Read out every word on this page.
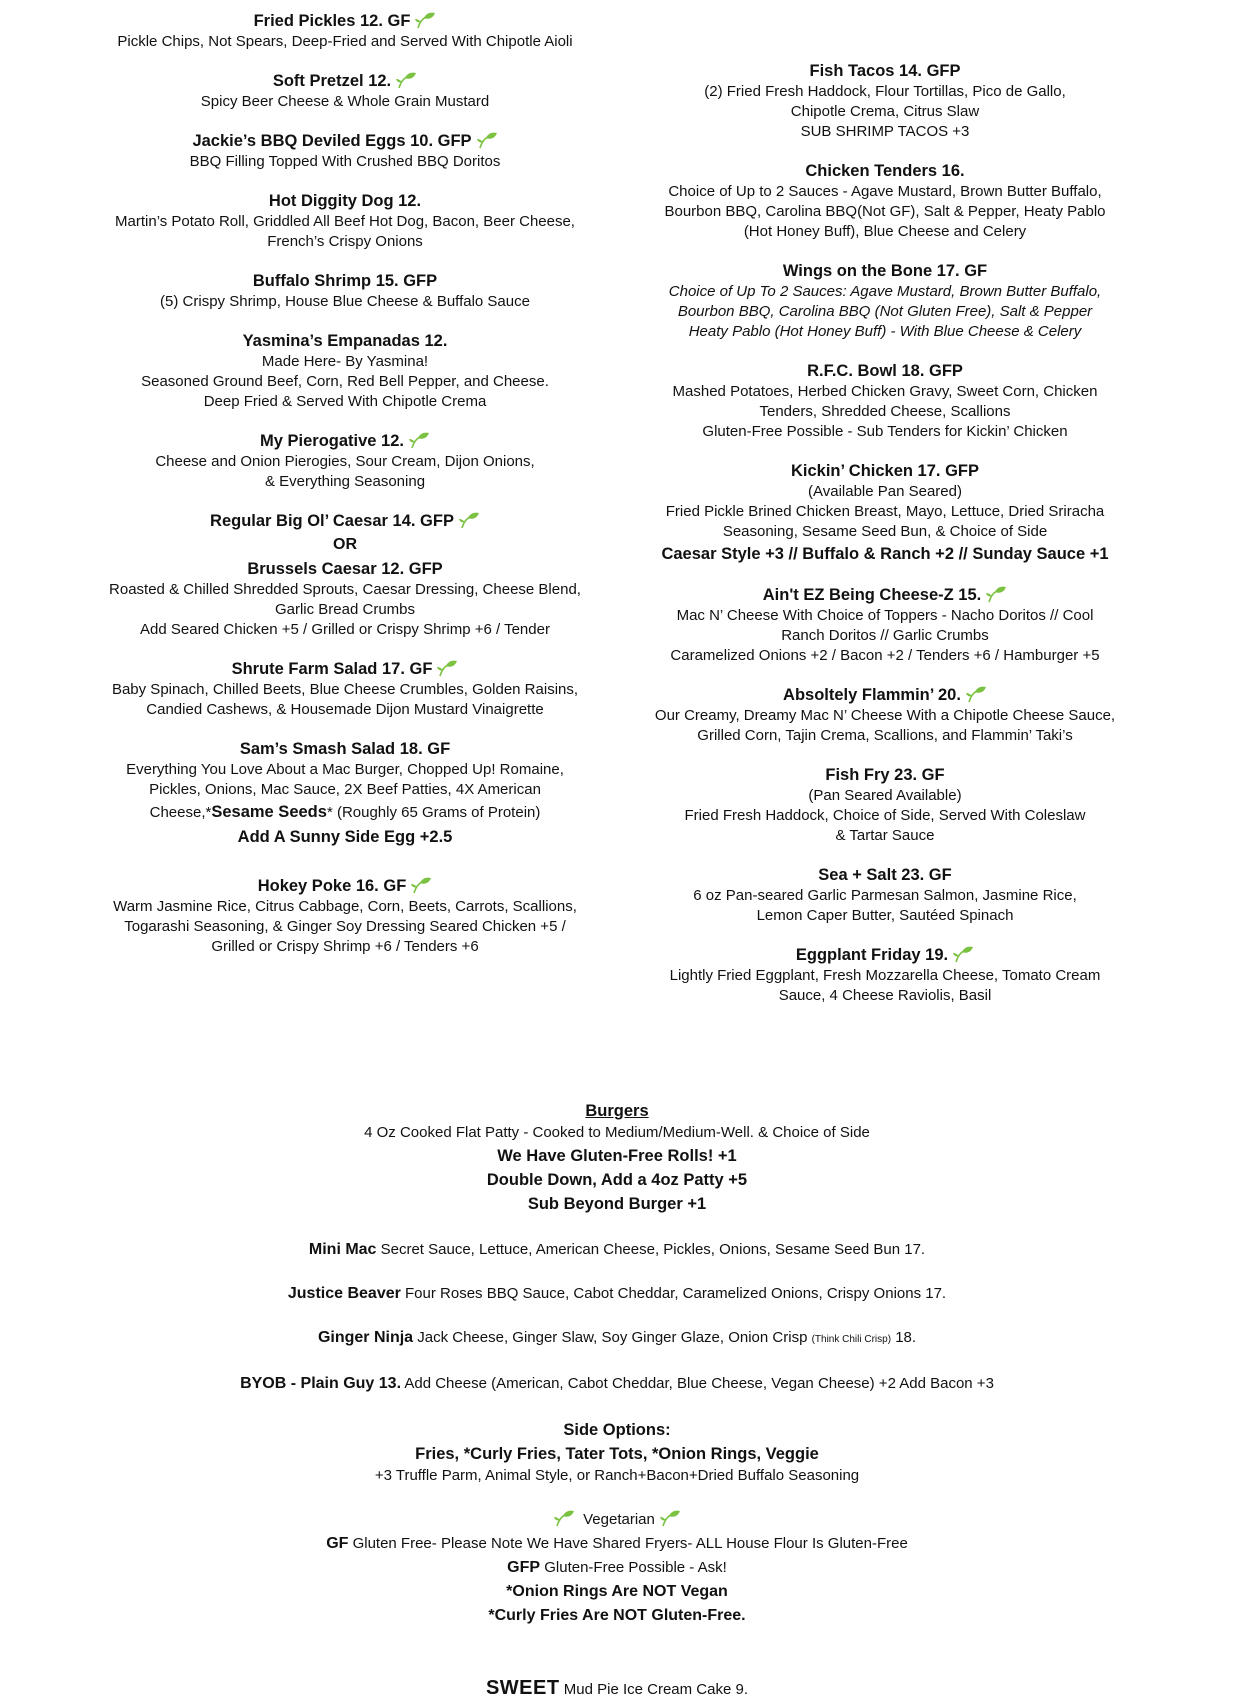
Fried Pickles 12. GF
Pickle Chips, Not Spears, Deep-Fried and Served With Chipotle Aioli
Soft Pretzel 12.
Spicy Beer Cheese & Whole Grain Mustard
Jackie’s BBQ Deviled Eggs 10. GFP
BBQ Filling Topped With Crushed BBQ Doritos
Hot Diggity Dog 12.
Martin’s Potato Roll, Griddled All Beef Hot Dog, Bacon, Beer Cheese,
French’s Crispy Onions
Buffalo Shrimp 15. GFP
(5) Crispy Shrimp, House Blue Cheese & Buffalo Sauce
Yasmina’s Empanadas 12.
Made Here- By Yasmina!
Seasoned Ground Beef, Corn, Red Bell Pepper, and Cheese.
Deep Fried & Served With Chipotle Crema
My Pierogative 12.
Cheese and Onion Pierogies, Sour Cream, Dijon Onions,
& Everything Seasoning
Regular Big Ol’ Caesar 14. GFP
OR
Brussels Caesar 12. GFP
Roasted & Chilled Shredded Sprouts, Caesar Dressing, Cheese Blend,
Garlic Bread Crumbs
Add Seared Chicken +5 / Grilled or Crispy Shrimp +6 / Tender
Shrute Farm Salad 17. GF
Baby Spinach, Chilled Beets, Blue Cheese Crumbles, Golden Raisins,
Candied Cashews, & Housemade Dijon Mustard Vinaigrette
Sam’s Smash Salad 18. GF
Everything You Love About a Mac Burger, Chopped Up! Romaine,
Pickles, Onions, Mac Sauce, 2X Beef Patties, 4X American
Cheese,*Sesame Seeds* (Roughly 65 Grams of Protein)
Add A Sunny Side Egg +2.5
Hokey Poke 16. GF
Warm Jasmine Rice, Citrus Cabbage, Corn, Beets, Carrots, Scallions,
Togarashi Seasoning, & Ginger Soy Dressing Seared Chicken +5 /
Grilled or Crispy Shrimp +6 / Tenders +6
Fish Tacos 14. GFP
(2) Fried Fresh Haddock, Flour Tortillas, Pico de Gallo,
Chipotle Crema, Citrus Slaw
SUB SHRIMP TACOS +3
Chicken Tenders 16.
Choice of Up to 2 Sauces - Agave Mustard, Brown Butter Buffalo,
Bourbon BBQ, Carolina BBQ(Not GF), Salt & Pepper, Heaty Pablo
(Hot Honey Buff), Blue Cheese and Celery
Wings on the Bone 17. GF
Choice of Up To 2 Sauces: Agave Mustard, Brown Butter Buffalo,
Bourbon BBQ, Carolina BBQ (Not Gluten Free), Salt & Pepper
Heaty Pablo (Hot Honey Buff) - With Blue Cheese & Celery
R.F.C. Bowl 18. GFP
Mashed Potatoes, Herbed Chicken Gravy, Sweet Corn, Chicken
Tenders, Shredded Cheese, Scallions
Gluten-Free Possible - Sub Tenders for Kickin’ Chicken
Kickin’ Chicken 17. GFP
(Available Pan Seared)
Fried Pickle Brined Chicken Breast, Mayo, Lettuce, Dried Sriracha
Seasoning, Sesame Seed Bun, & Choice of Side
Caesar Style +3 // Buffalo & Ranch +2 // Sunday Sauce +1
Ain't EZ Being Cheese-Z 15.
Mac N’ Cheese With Choice of Toppers - Nacho Doritos // Cool
Ranch Doritos // Garlic Crumbs
Caramelized Onions +2 / Bacon +2 / Tenders +6 / Hamburger +5
Absoltely Flammin’ 20.
Our Creamy, Dreamy Mac N’ Cheese With a Chipotle Cheese Sauce,
Grilled Corn, Tajin Crema, Scallions, and Flammin’ Taki’s
Fish Fry 23. GF
(Pan Seared Available)
Fried Fresh Haddock, Choice of Side, Served With Coleslaw
& Tartar Sauce
Sea + Salt 23. GF
6 oz Pan-seared Garlic Parmesan Salmon, Jasmine Rice,
Lemon Caper Butter, Sautéed Spinach
Eggplant Friday 19.
Lightly Fried Eggplant, Fresh Mozzarella Cheese, Tomato Cream
Sauce, 4 Cheese Raviolis, Basil
Burgers
4 Oz Cooked Flat Patty - Cooked to Medium/Medium-Well. & Choice of Side
We Have Gluten-Free Rolls! +1
Double Down, Add a 4oz Patty +5
Sub Beyond Burger +1
Mini Mac Secret Sauce, Lettuce, American Cheese, Pickles, Onions, Sesame Seed Bun 17.
Justice Beaver Four Roses BBQ Sauce, Cabot Cheddar, Caramelized Onions, Crispy Onions 17.
Ginger Ninja Jack Cheese, Ginger Slaw, Soy Ginger Glaze, Onion Crisp (Think Chili Crisp) 18.
BYOB - Plain Guy 13. Add Cheese (American, Cabot Cheddar, Blue Cheese, Vegan Cheese) +2 Add Bacon +3
Side Options:
Fries, *Curly Fries, Tater Tots, *Onion Rings, Veggie
+3 Truffle Parm, Animal Style, or Ranch+Bacon+Dried Buffalo Seasoning
Vegetarian
GF Gluten Free- Please Note We Have Shared Fryers- ALL House Flour Is Gluten-Free
GFP Gluten-Free Possible - Ask!
*Onion Rings Are NOT Vegan
*Curly Fries Are NOT Gluten-Free.
SWEET Mud Pie Ice Cream Cake 9.
